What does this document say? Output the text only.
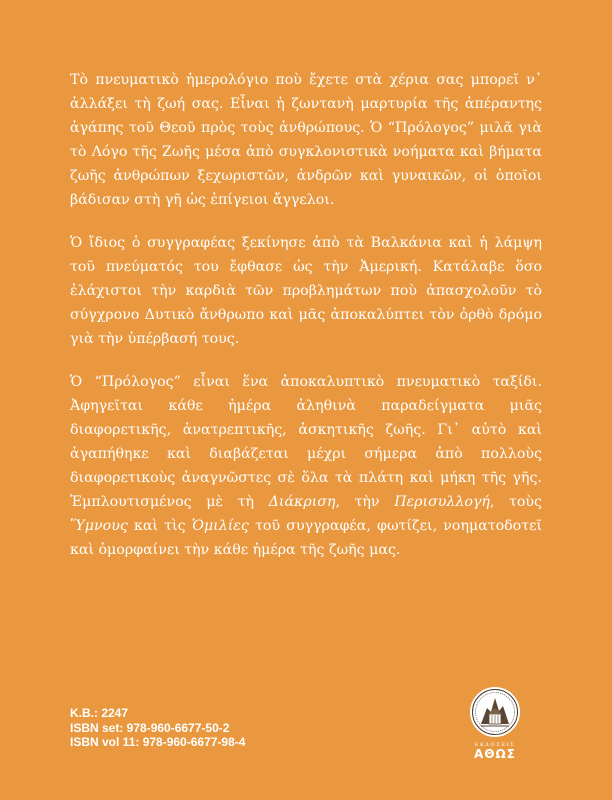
Τὸ πνευματικὸ ἡμερολόγιο ποὺ ἔχετε στὰ χέρια σας μπορεῖ ν᾿ ἀλλάξει τὴ ζωή σας. Εἶναι ἡ ζωντανὴ μαρτυρία τῆς ἀπέραντης ἀγάπης τοῦ Θεοῦ πρὸς τοὺς ἀνθρώπους. Ὁ “Πρόλογος” μιλᾶ γιὰ τὸ Λόγο τῆς Ζωῆς μέσα ἀπὸ συγκλονιστικὰ νοήματα καὶ βήματα ζωῆς ἀνθρώπων ξεχωριστῶν, ἀνδρῶν καὶ γυναικῶν, οἱ ὁποῖοι βάδισαν στὴ γῆ ὡς ἐπίγειοι ἄγγελοι.

Ὁ ἴδιος ὁ συγγραφέας ξεκίνησε ἀπὸ τὰ Βαλκάνια καὶ ἡ λάμψη τοῦ πνεύματός του ἔφθασε ὡς τὴν Ἀμερική. Κατάλαβε ὅσο ἐλάχιστοι τὴν καρδιὰ τῶν προβλημάτων ποὺ ἀπασχολοῦν τὸ σύγχρονο Δυτικὸ ἄνθρωπο καὶ μᾶς ἀποκαλύπτει τὸν ὀρθὸ δρόμο γιὰ τὴν ὑπέρβασή τους.

Ὁ “Πρόλογος” εἶναι ἕνα ἀποκαλυπτικὸ πνευματικὸ ταξίδι. Ἀφηγεῖται κάθε ἡμέρα ἀληθινὰ παραδείγματα μιᾶς διαφορετικῆς, ἀνατρεπτικῆς, ἀσκητικῆς ζωῆς. Γι᾿ αὐτὸ καὶ ἀγαπήθηκε καὶ διαβάζεται μέχρι σήμερα ἀπὸ πολλοὺς διαφορετικοὺς ἀναγνῶστες σὲ ὅλα τὰ πλάτη καὶ μήκη τῆς γῆς. Ἐμπλουτισμένος μὲ τὴ Διάκριση, τὴν Περισυλλογή, τοὺς Ὕμνους καὶ τὶς Ὁμιλίες τοῦ συγγραφέα, φωτίζει, νοηματοδοτεῖ καὶ ὀμορφαίνει τὴν κάθε ἡμέρα τῆς ζωῆς μας.

Κ.Β.: 2247
ISBN set: 978-960-6677-50-2
ISBN vol 11: 978-960-6677-98-4	ΕΚΔΟΣΕΙΣ
ΑΘΩΣ
